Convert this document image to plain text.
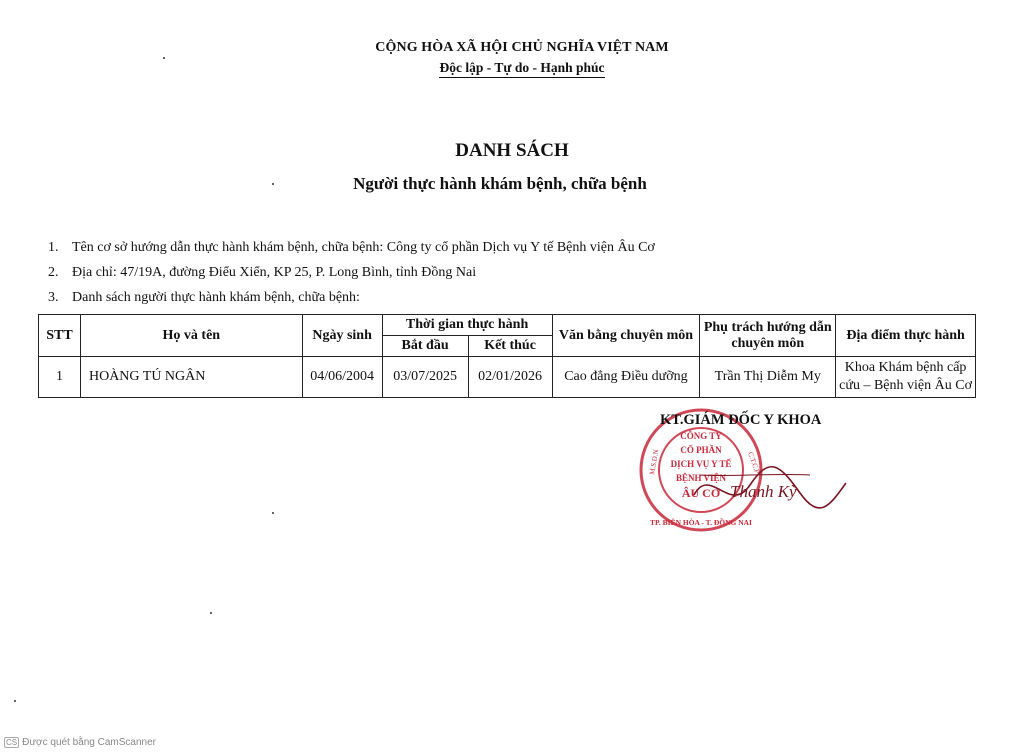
CỘNG HÒA XÃ HỘI CHỦ NGHĨA VIỆT NAM
Độc lập - Tự do - Hạnh phúc
DANH SÁCH
Người thực hành khám bệnh, chữa bệnh
1. Tên cơ sở hướng dẫn thực hành khám bệnh, chữa bệnh: Công ty cổ phần Dịch vụ Y tế Bệnh viện Âu Cơ
2. Địa chỉ: 47/19A, đường Điểu Xiển, KP 25, P. Long Bình, tỉnh Đồng Nai
3. Danh sách người thực hành khám bệnh, chữa bệnh:
STT	Họ và tên	Ngày sinh	Thời gian thực hành		Văn bằng chuyên môn	Phụ trách hướng dẫn chuyên môn	Địa điểm thực hành
			Bắt đầu	Kết thúc			
1	HOÀNG TÚ NGÂN	04/06/2004	03/07/2025	02/01/2026	Cao đẳng Điều dưỡng	Trần Thị Diễm My	Khoa Khám bệnh cấp cứu – Bệnh viện Âu Cơ
CÔNG TY
CỔ PHẦN
DỊCH VỤ Y TẾ
BỆNH VIỆN
ÂU CƠ
TP. BIÊN HÒA - T. ĐỒNG NAI
M.S.D.N	C.T.C.P
KT.GIÁM ĐỐC Y KHOA
Thanh Kỳ
CS Được quét bằng CamScanner
